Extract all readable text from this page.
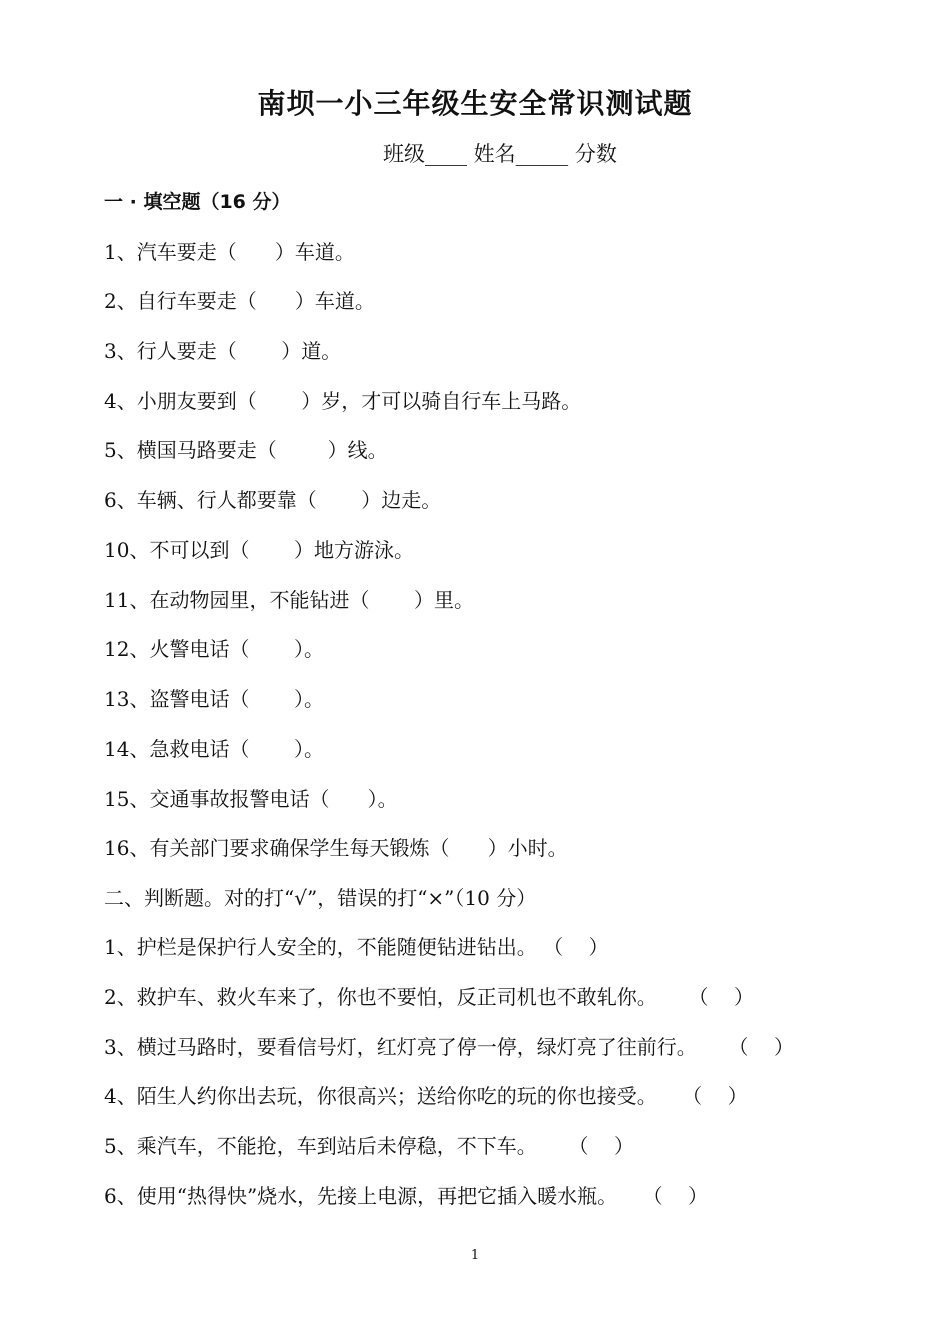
南坝一小三年级生安全常识测试题
班级____ 姓名_____ 分数
一 · 填空题（16 分）
1、汽车要走（      ）车道。
2、自行车要走（      ）车道。
3、行人要走（       ）道。
4、小朋友要到（       ）岁，才可以骑自行车上马路。
5、横国马路要走（        ）线。
6、车辆、行人都要靠（       ）边走。
10、不可以到（       ）地方游泳。
11、在动物园里，不能钻进（       ）里。
12、火警电话（       ）。
13、盗警电话（       ）。
14、急救电话（       ）。
15、交通事故报警电话（      ）。
16、有关部门要求确保学生每天锻炼（      ）小时。
二、判断题。对的打“√”，错误的打“×”（10 分）
1、护栏是保护行人安全的，不能随便钻进钻出。 （    ）
2、救护车、救火车来了，你也不要怕，反正司机也不敢轧你。     （    ）
3、横过马路时，要看信号灯，红灯亮了停一停，绿灯亮了往前行。     （    ）
4、陌生人约你出去玩，你很高兴；送给你吃的玩的你也接受。    （    ）
5、乘汽车，不能抢，车到站后未停稳，不下车。     （    ）
6、使用“热得快”烧水，先接上电源，再把它插入暖水瓶。    （    ）
1
